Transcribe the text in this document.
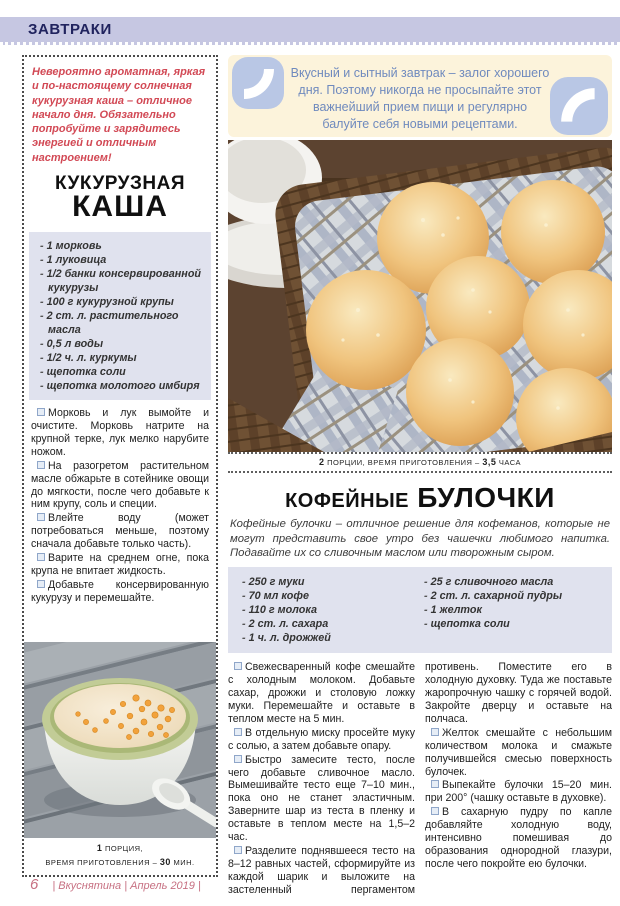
ЗАВТРАКИ
Невероятно ароматная, яркая и по-настоящему солнечная кукурузная каша – отличное начало дня. Обязательно попробуйте и зарядитесь энергией и отличным настроением!
КУКУРУЗНАЯ
КАША
- 1 морковь
- 1 луковица
- 1/2 банки консервированной кукурузы
- 100 г кукурузной крупы
- 2 ст. л. растительного масла
- 0,5 л воды
- 1/2 ч. л. куркумы
- щепотка соли
- щепотка молотого имбиря

Морковь и лук вымойте и очистите. Морковь натрите на крупной терке, лук мелко нарубите ножом.

На разогретом растительном масле обжарьте в сотейнике овощи до мягкости, после чего добавьте к ним крупу, соль и специи.

Влейте воду (может потребоваться меньше, поэтому сначала добавьте только часть).

Варите на среднем огне, пока крупа не впитает жидкость.

Добавьте консервированную кукурузу и перемешайте.

1 ПОРЦИЯ,
ВРЕМЯ ПРИГОТОВЛЕНИЯ – 30 МИН.
Вкусный и сытный завтрак – залог хорошего дня. Поэтому никогда не просыпайте этот важнейший прием пищи и регулярно балуйте себя новыми рецептами.
2 ПОРЦИИ, ВРЕМЯ ПРИГОТОВЛЕНИЯ – 3,5 ЧАСА
КОФЕЙНЫЕ БУЛОЧКИ
Кофейные булочки – отличное решение для кофеманов, которые не могут представить свое утро без чашечки любимого напитка. Подавайте их со сливочным маслом или творожным сыром.
- 250 г муки
- 70 мл кофе
- 110 г молока
- 2 ст. л. сахара
- 1 ч. л. дрожжей
- 25 г сливочного масла
- 2 ст. л. сахарной пудры
- 1 желток
- щепотка соли

Свежесваренный кофе смешайте с холодным молоком. Добавьте сахар, дрожжи и столовую ложку муки. Перемешайте и оставьте в теплом месте на 5 мин.

В отдельную миску просейте муку с солью, а затем добавьте опару.

Быстро замесите тесто, после чего добавьте сливочное масло. Вымешивайте тесто еще 7–10 мин., пока оно не станет эластичным. Заверните шар из теста в пленку и оставьте в теплом месте на 1,5–2 час.

Разделите поднявшееся тесто на 8–12 равных частей, сформируйте из каждой шарик и выложите на застеленный пергаментом противень. Поместите его в холодную духовку. Туда же поставьте жаропрочную чашку с горячей водой. Закройте дверцу и оставьте на полчаса.

Желток смешайте с небольшим количеством молока и смажьте получившейся смесью поверхность булочек.

Выпекайте булочки 15–20 мин. при 200° (чашку оставьте в духовке).

В сахарную пудру по капле добавляйте холодную воду, интенсивно помешивая до образования однородной глазури, после чего покройте ею булочки.

6 | Вкуснятина | Апрель 2019 |
